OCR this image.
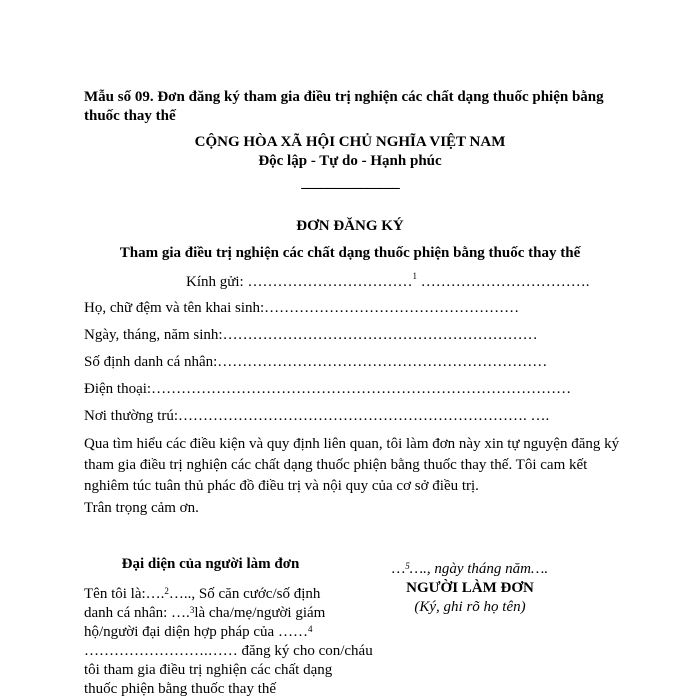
Mẫu số 09. Đơn đăng ký tham gia điều trị nghiện các chất dạng thuốc phiện bằng thuốc thay thế
CỘNG HÒA XÃ HỘI CHỦ NGHĨA VIỆT NAM
Độc lập - Tự do - Hạnh phúc
_______________
ĐƠN ĐĂNG KÝ
Tham gia điều trị nghiện các chất dạng thuốc phiện bằng thuốc thay thế
Kính gửi: ……………………………$^1$ …………………………….
Họ, chữ đệm và tên khai sinh:……………………………………………
Ngày, tháng, năm sinh:………………………………………………………
Số định danh cá nhân:…………………………………………………………
Điện thoại:…………………………………………………………………………
Nơi thường trú:……………………………………………………………. ….
Qua tìm hiểu các điều kiện và quy định liên quan, tôi làm đơn này xin tự nguyện đăng ký tham gia điều trị nghiện các chất dạng thuốc phiện bằng thuốc thay thế. Tôi cam kết nghiêm túc tuân thủ phác đồ điều trị và nội quy của cơ sở điều trị.
Trân trọng cảm ơn.
Đại diện của người làm đơn
Tên tôi là:….$^2$….., Số căn cước/số định
danh cá nhân: ….$^3$là cha/mẹ/người giám
hộ/người đại diện hợp pháp của ……$^4$
…………………….…… đăng ký cho con/cháu
tôi tham gia điều trị nghiện các chất dạng
thuốc phiện bằng thuốc thay thế
…$^5$…., ngày tháng năm….
NGƯỜI LÀM ĐƠN
(Ký, ghi rõ họ tên)
